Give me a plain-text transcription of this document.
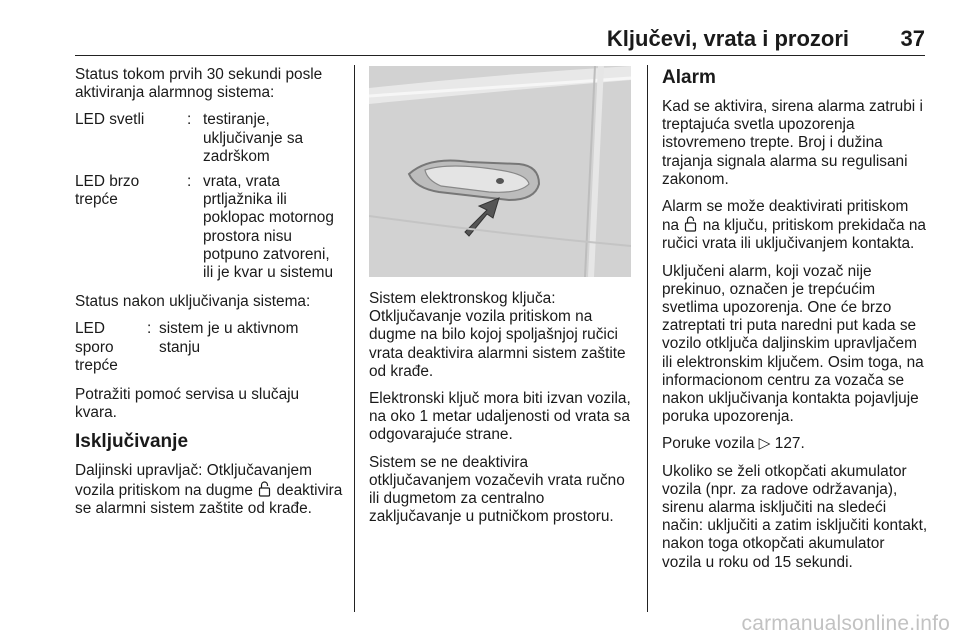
Ključevi, vrata i prozori 37

Status tokom prvih 30 sekundi posle aktiviranja alarmnog sistema:

LED svetli	: testiranje, uključivanje sa zadrškom
LED brzo trepće
: vrata, vrata prtljažnika ili poklopac motornog prostora nisu potpuno zatvoreni, ili je kvar u sistemu

Status nakon uključivanja sistema:

LED sporo trepće
: sistem je u aktivnom stanju

Potražiti pomoć servisa u slučaju kvara.

Isključivanje

Daljinski upravljač: Otključavanjem vozila pritiskom na dugme deaktivira se alarmni sistem zaštite od krađe.

Sistem elektronskog ključa: Otključavanje vozila pritiskom na dugme na bilo kojoj spoljašnjoj ručici vrata deaktivira alarmni sistem zaštite od krađe.

Elektronski ključ mora biti izvan vozila, na oko 1 metar udaljenosti od vrata sa odgovarajuće strane.

Sistem se ne deaktivira otključavanjem vozačevih vrata ručno ili dugmetom za centralno zaključavanje u putničkom prostoru.

Alarm

Kad se aktivira, sirena alarma zatrubi i treptajuća svetla upozorenja istovremeno trepte. Broj i dužina trajanja signala alarma su regulisani zakonom.

Alarm se može deaktivirati pritiskom na na ključu, pritiskom prekidača na ručici vrata ili uključivanjem kontakta.

Uključeni alarm, koji vozač nije prekinuo, označen je trepćućim svetlima upozorenja. One će brzo zatreptati tri puta naredni put kada se vozilo otključa daljinskim upravljačem ili elektronskim ključem. Osim toga, na informacionom centru za vozača se nakon uključivanja kontakta pojavljuje poruka upozorenja.

Poruke vozila ▷ 127.

Ukoliko se želi otkopčati akumulator vozila (npr. za radove održavanja), sirenu alarma isključiti na sledeći način: uključiti a zatim isključiti kontakt, nakon toga otkopčati akumulator vozila u roku od 15 sekundi.

carmanualsonline.info
